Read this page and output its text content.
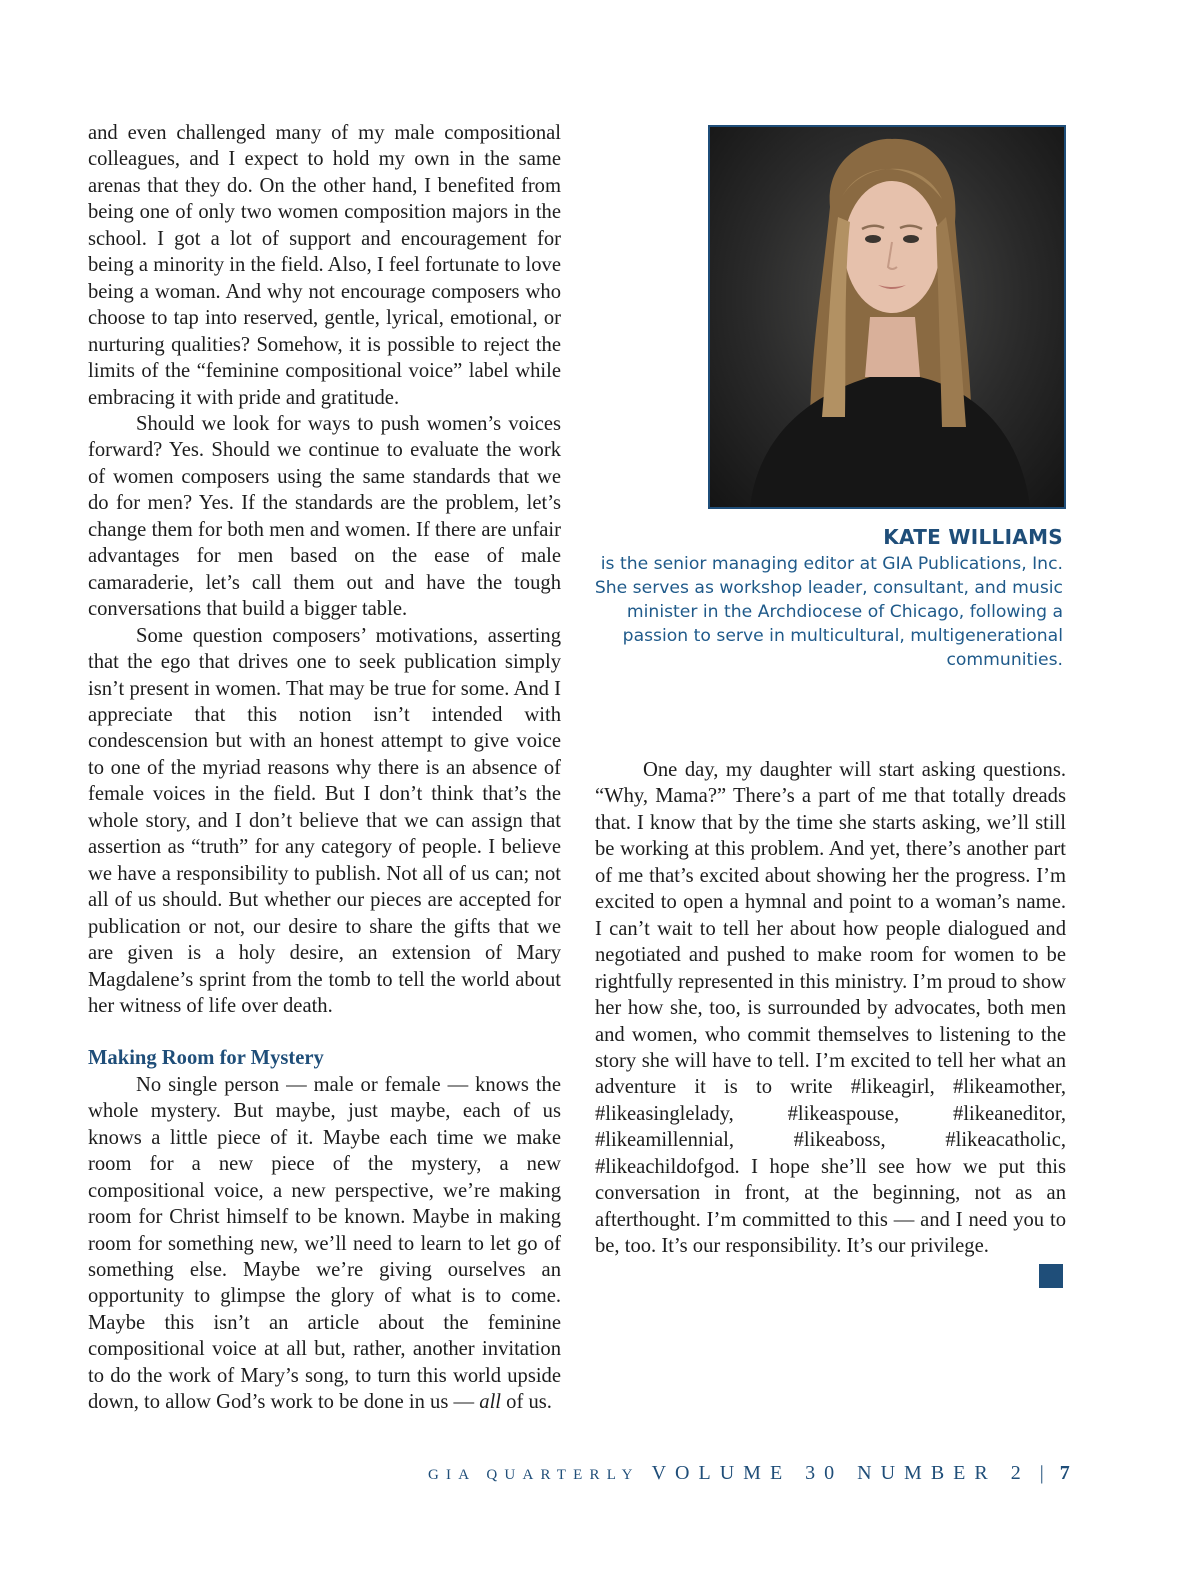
and even challenged many of my male compositional colleagues, and I expect to hold my own in the same arenas that they do. On the other hand, I benefited from being one of only two women composition majors in the school. I got a lot of support and encouragement for being a minority in the field. Also, I feel fortunate to love being a woman. And why not encourage composers who choose to tap into reserved, gentle, lyrical, emotional, or nurturing qualities? Somehow, it is possible to reject the limits of the “feminine compositional voice” label while embracing it with pride and gratitude.

Should we look for ways to push women’s voices forward? Yes. Should we continue to evaluate the work of women composers using the same standards that we do for men? Yes. If the standards are the problem, let’s change them for both men and women. If there are unfair advantages for men based on the ease of male camaraderie, let’s call them out and have the tough conversations that build a bigger table.

Some question composers’ motivations, asserting that the ego that drives one to seek publication simply isn’t present in women. That may be true for some. And I appreciate that this notion isn’t intended with condescension but with an honest attempt to give voice to one of the myriad reasons why there is an absence of female voices in the field. But I don’t think that’s the whole story, and I don’t believe that we can assign that assertion as “truth” for any category of people. I believe we have a responsibility to publish. Not all of us can; not all of us should. But whether our pieces are accepted for publication or not, our desire to share the gifts that we are given is a holy desire, an extension of Mary Magdalene’s sprint from the tomb to tell the world about her witness of life over death.

Making Room for Mystery

No single person — male or female — knows the whole mystery. But maybe, just maybe, each of us knows a little piece of it. Maybe each time we make room for a new piece of the mystery, a new compositional voice, a new perspective, we’re making room for Christ himself to be known. Maybe in making room for something new, we’ll need to learn to let go of something else. Maybe we’re giving ourselves an opportunity to glimpse the glory of what is to come. Maybe this isn’t an article about the feminine compositional voice at all but, rather, another invitation to do the work of Mary’s song, to turn this world upside down, to allow God’s work to be done in us — all of us.

KATE WILLIAMS
is the senior managing editor at GIA Publications, Inc. She serves as workshop leader, consultant, and music minister in the Archdiocese of Chicago, following a passion to serve in multicultural, multigenerational communities.

One day, my daughter will start asking questions. “Why, Mama?” There’s a part of me that totally dreads that. I know that by the time she starts asking, we’ll still be working at this problem. And yet, there’s another part of me that’s excited about showing her the progress. I’m excited to open a hymnal and point to a woman’s name. I can’t wait to tell her about how people dialogued and negotiated and pushed to make room for women to be rightfully represented in this ministry. I’m proud to show her how she, too, is surrounded by advocates, both men and women, who commit themselves to listening to the story she will have to tell. I’m excited to tell her what an adventure it is to write #likeagirl, #likeamother, #likeasinglelady, #likeaspouse, #likeaneditor, #likeamillennial, #likeaboss, #likeacatholic, #likeachildofgod. I hope she’ll see how we put this conversation in front, at the beginning, not as an afterthought. I’m committed to this — and I need you to be, too. It’s our responsibility. It’s our privilege.

GIA QUARTERLY VOLUME 30 NUMBER 2 | 7
